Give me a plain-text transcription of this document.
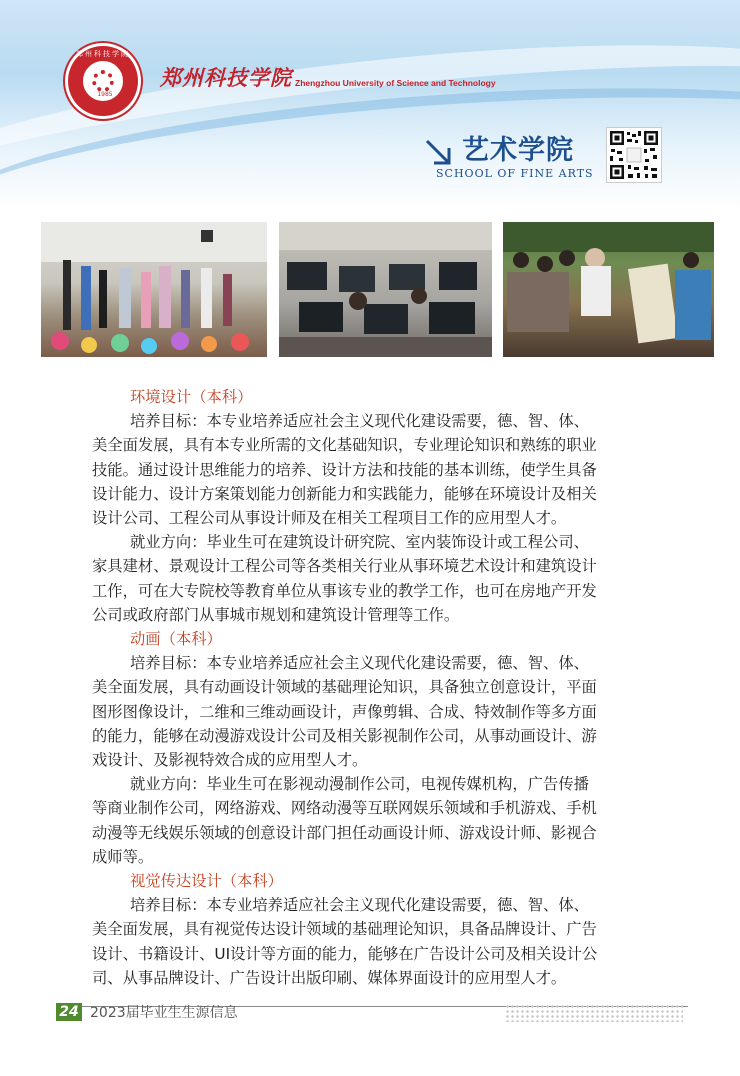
郑州科技学院
1985
郑州科技学院 Zhengzhou University of Science and Technology
艺术学院
SCHOOL OF FINE ARTS
环境设计（本科）
培养目标：本专业培养适应社会主义现代化建设需要，德、智、体、
美全面发展，具有本专业所需的文化基础知识，专业理论知识和熟练的职业
技能。通过设计思维能力的培养、设计方法和技能的基本训练，使学生具备
设计能力、设计方案策划能力创新能力和实践能力，能够在环境设计及相关
设计公司、工程公司从事设计师及在相关工程项目工作的应用型人才。
就业方向：毕业生可在建筑设计研究院、室内装饰设计或工程公司、
家具建材、景观设计工程公司等各类相关行业从事环境艺术设计和建筑设计
工作，可在大专院校等教育单位从事该专业的教学工作，也可在房地产开发
公司或政府部门从事城市规划和建筑设计管理等工作。
动画（本科）
培养目标：本专业培养适应社会主义现代化建设需要，德、智、体、
美全面发展，具有动画设计领域的基础理论知识，具备独立创意设计，平面
图形图像设计，二维和三维动画设计，声像剪辑、合成、特效制作等多方面
的能力，能够在动漫游戏设计公司及相关影视制作公司，从事动画设计、游
戏设计、及影视特效合成的应用型人才。
就业方向：毕业生可在影视动漫制作公司，电视传媒机构，广告传播
等商业制作公司，网络游戏、网络动漫等互联网娱乐领域和手机游戏、手机
动漫等无线娱乐领域的创意设计部门担任动画设计师、游戏设计师、影视合
成师等。
视觉传达设计（本科）
培养目标：本专业培养适应社会主义现代化建设需要，德、智、体、
美全面发展，具有视觉传达设计领域的基础理论知识，具备品牌设计、广告
设计、书籍设计、UI设计等方面的能力，能够在广告设计公司及相关设计公
司、从事品牌设计、广告设计出版印刷、媒体界面设计的应用型人才。
24 2023届毕业生生源信息
